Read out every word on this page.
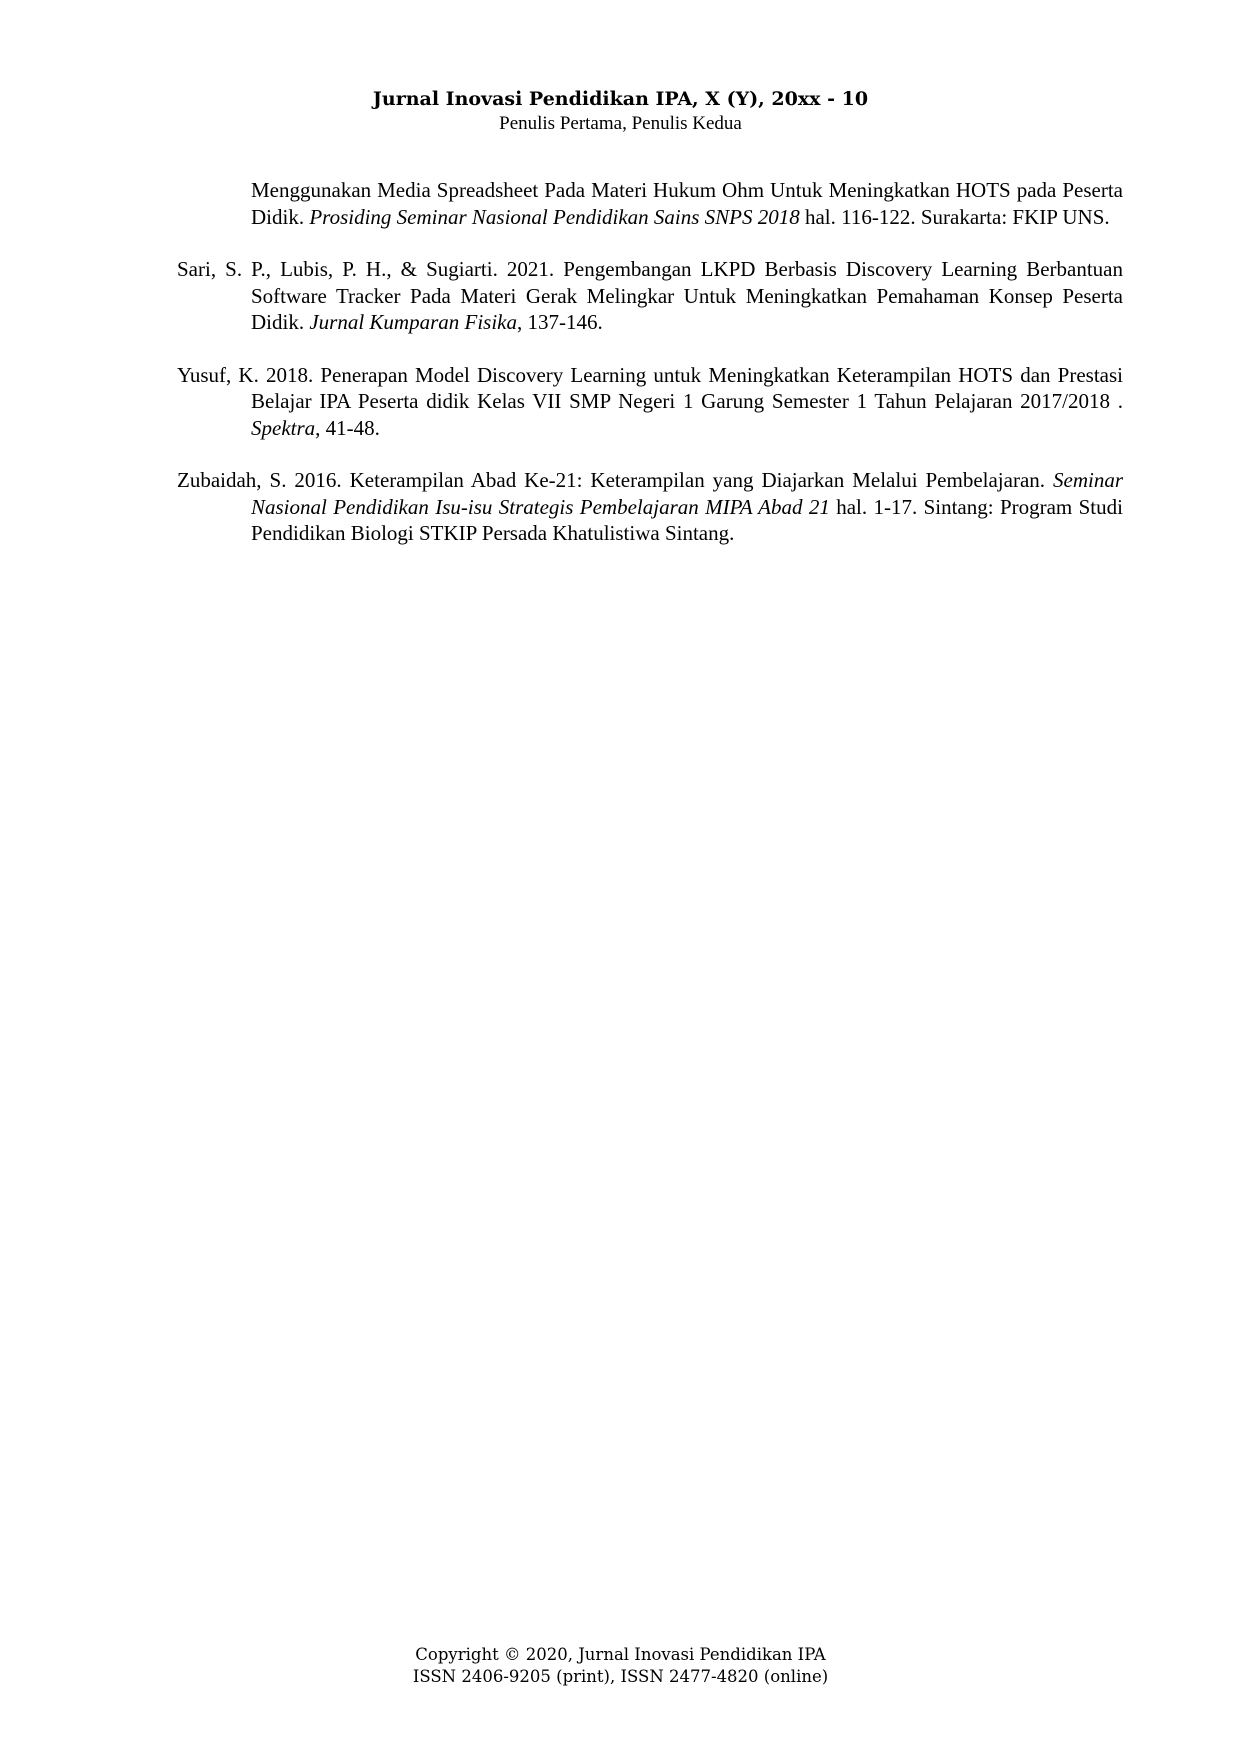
Jurnal Inovasi Pendidikan IPA, X (Y), 20xx - 10

Penulis Pertama, Penulis Kedua

Menggunakan Media Spreadsheet Pada Materi Hukum Ohm Untuk Meningkatkan HOTS pada Peserta Didik. Prosiding Seminar Nasional Pendidikan Sains SNPS 2018 hal. 116-122. Surakarta: FKIP UNS.

Sari, S. P., Lubis, P. H., & Sugiarti. 2021. Pengembangan LKPD Berbasis Discovery Learning Berbantuan Software Tracker Pada Materi Gerak Melingkar Untuk Meningkatkan Pemahaman Konsep Peserta Didik. Jurnal Kumparan Fisika, 137-146.

Yusuf, K. 2018. Penerapan Model Discovery Learning untuk Meningkatkan Keterampilan HOTS dan Prestasi Belajar IPA Peserta didik Kelas VII SMP Negeri 1 Garung Semester 1 Tahun Pelajaran 2017/2018 . Spektra, 41-48.

Zubaidah, S. 2016. Keterampilan Abad Ke-21: Keterampilan yang Diajarkan Melalui Pembelajaran. Seminar Nasional Pendidikan Isu-isu Strategis Pembelajaran MIPA Abad 21 hal. 1-17. Sintang: Program Studi Pendidikan Biologi STKIP Persada Khatulistiwa Sintang.

Copyright © 2020, Jurnal Inovasi Pendidikan IPA

ISSN 2406-9205 (print), ISSN 2477-4820 (online)
